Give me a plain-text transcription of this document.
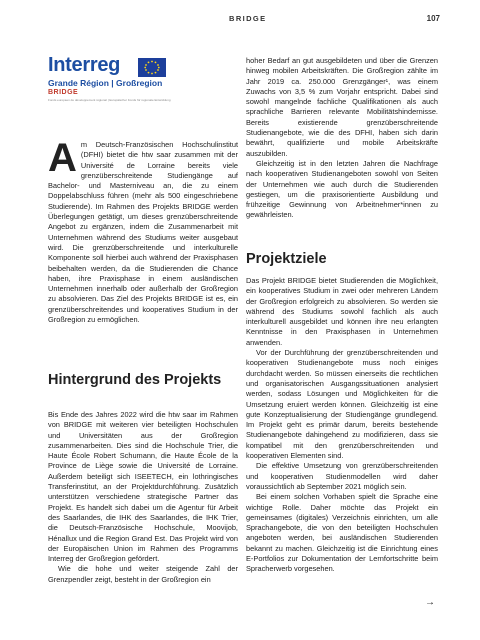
BRIDGE	107
Interreg
Grande Région | Großregion
BRIDGE
Fonds européen de développement régional | Europäischer Fonds für regionale Entwicklung

Am Deutsch-Französischen Hochschulinstitut (DFHI) bietet die htw saar zusammen mit der Université de Lorraine bereits viele grenzüberschreitende Studiengänge auf Bachelor- und Masterniveau an, die zu einem Doppelabschluss führen (mehr als 500 eingeschriebene Studierende). Im Rahmen des Projekts BRIDGE werden Überlegungen getätigt, um dieses grenzüberschreitende Angebot zu ergänzen, indem die Zusammenarbeit mit Unternehmen während des Studiums weiter ausgebaut wird. Die grenzüberschreitende und interkulturelle Komponente soll hierbei auch während der Praxisphasen beibehalten werden, da die Studierenden die Chance haben, ihre Praxisphase in einem ausländischen Unternehmen innerhalb oder außerhalb der Großregion zu absolvieren. Das Ziel des Projekts BRIDGE ist es, ein grenzüberschreitendes und kooperatives Studium in der Großregion zu ermöglichen.

Hintergrund des Projekts

Bis Ende des Jahres 2022 wird die htw saar im Rahmen von BRIDGE mit weiteren vier beteiligten Hochschulen und Universitäten aus der Großregion zusammenarbeiten. Dies sind die Hochschule Trier, die Haute École Robert Schumann, die Haute École de la Province de Liège sowie die Université de Lorraine. Außerdem beteiligt sich ISEETECH, ein lothringisches Transferinstitut, an der Projektdurchführung. Zusätzlich unterstützen verschiedene strategische Partner das Projekt. Es handelt sich dabei um die Agentur für Arbeit des Saarlandes, die IHK des Saarlandes, die IHK Trier, die Deutsch-Französische Hochschule, Moovijob, Hénallux und die Region Grand Est. Das Projekt wird von der Europäischen Union im Rahmen des Programms Interreg der Großregion gefördert.

Wie die hohe und weiter steigende Zahl der Grenzpendler zeigt, besteht in der Großregion ein

hoher Bedarf an gut ausgebildeten und über die Grenzen hinweg mobilen Arbeitskräften. Die Großregion zählte im Jahr 2019 ca. 250.000 Grenzgänger¹, was einem Zuwachs von 3,5 % zum Vorjahr entspricht. Dabei sind sowohl mangelnde fachliche Qualifikationen als auch sprachliche Barrieren relevante Mobilitätshindernisse. Bereits existierende grenzüberschreitende Studienangebote, wie die des DFHI, haben sich darin bewährt, qualifizierte und mobile Arbeitskräfte auszubilden.

Gleichzeitig ist in den letzten Jahren die Nachfrage nach kooperativen Studienangeboten sowohl von Seiten der Unternehmen wie auch durch die Studierenden gestiegen, um die praxisorientierte Ausbildung und frühzeitige Gewinnung von Arbeitnehmer*innen zu gewährleisten.

Projektziele

Das Projekt BRIDGE bietet Studierenden die Möglichkeit, ein kooperatives Studium in zwei oder mehreren Ländern der Großregion erfolgreich zu absolvieren. So werden sie während des Studiums sowohl fachlich als auch interkulturell ausgebildet und können ihre neu erlangten Kenntnisse in den Praxisphasen in Unternehmen anwenden.

Vor der Durchführung der grenzüberschreitenden und kooperativen Studienangebote muss noch einiges durchdacht werden. So müssen einerseits die rechtlichen und organisatorischen Ausgangssituationen analysiert werden, sodass Lösungen und Möglichkeiten für die Umsetzung eruiert werden können. Gleichzeitig ist eine gute Konzeptualisierung der Studiengänge grundlegend. Im Projekt geht es primär darum, bereits bestehende Studienangebote dahingehend zu modifizieren, dass sie kompatibel mit den grenzüberschreitenden und kooperativen Elementen sind.

Die effektive Umsetzung von grenzüberschreitenden und kooperativen Studienmodellen wird daher voraussichtlich ab September 2021 möglich sein.

Bei einem solchen Vorhaben spielt die Sprache eine wichtige Rolle. Daher möchte das Projekt ein gemeinsames (digitales) Verzeichnis einrichten, um alle Sprachangebote, die von den beteiligten Hochschulen angeboten werden, bei ausländischen Studierenden bekannt zu machen. Gleichzeitig ist die Einrichtung eines E-Portfolios zur Dokumentation der Lernfortschritte beim Spracherwerb vorgesehen.

→
